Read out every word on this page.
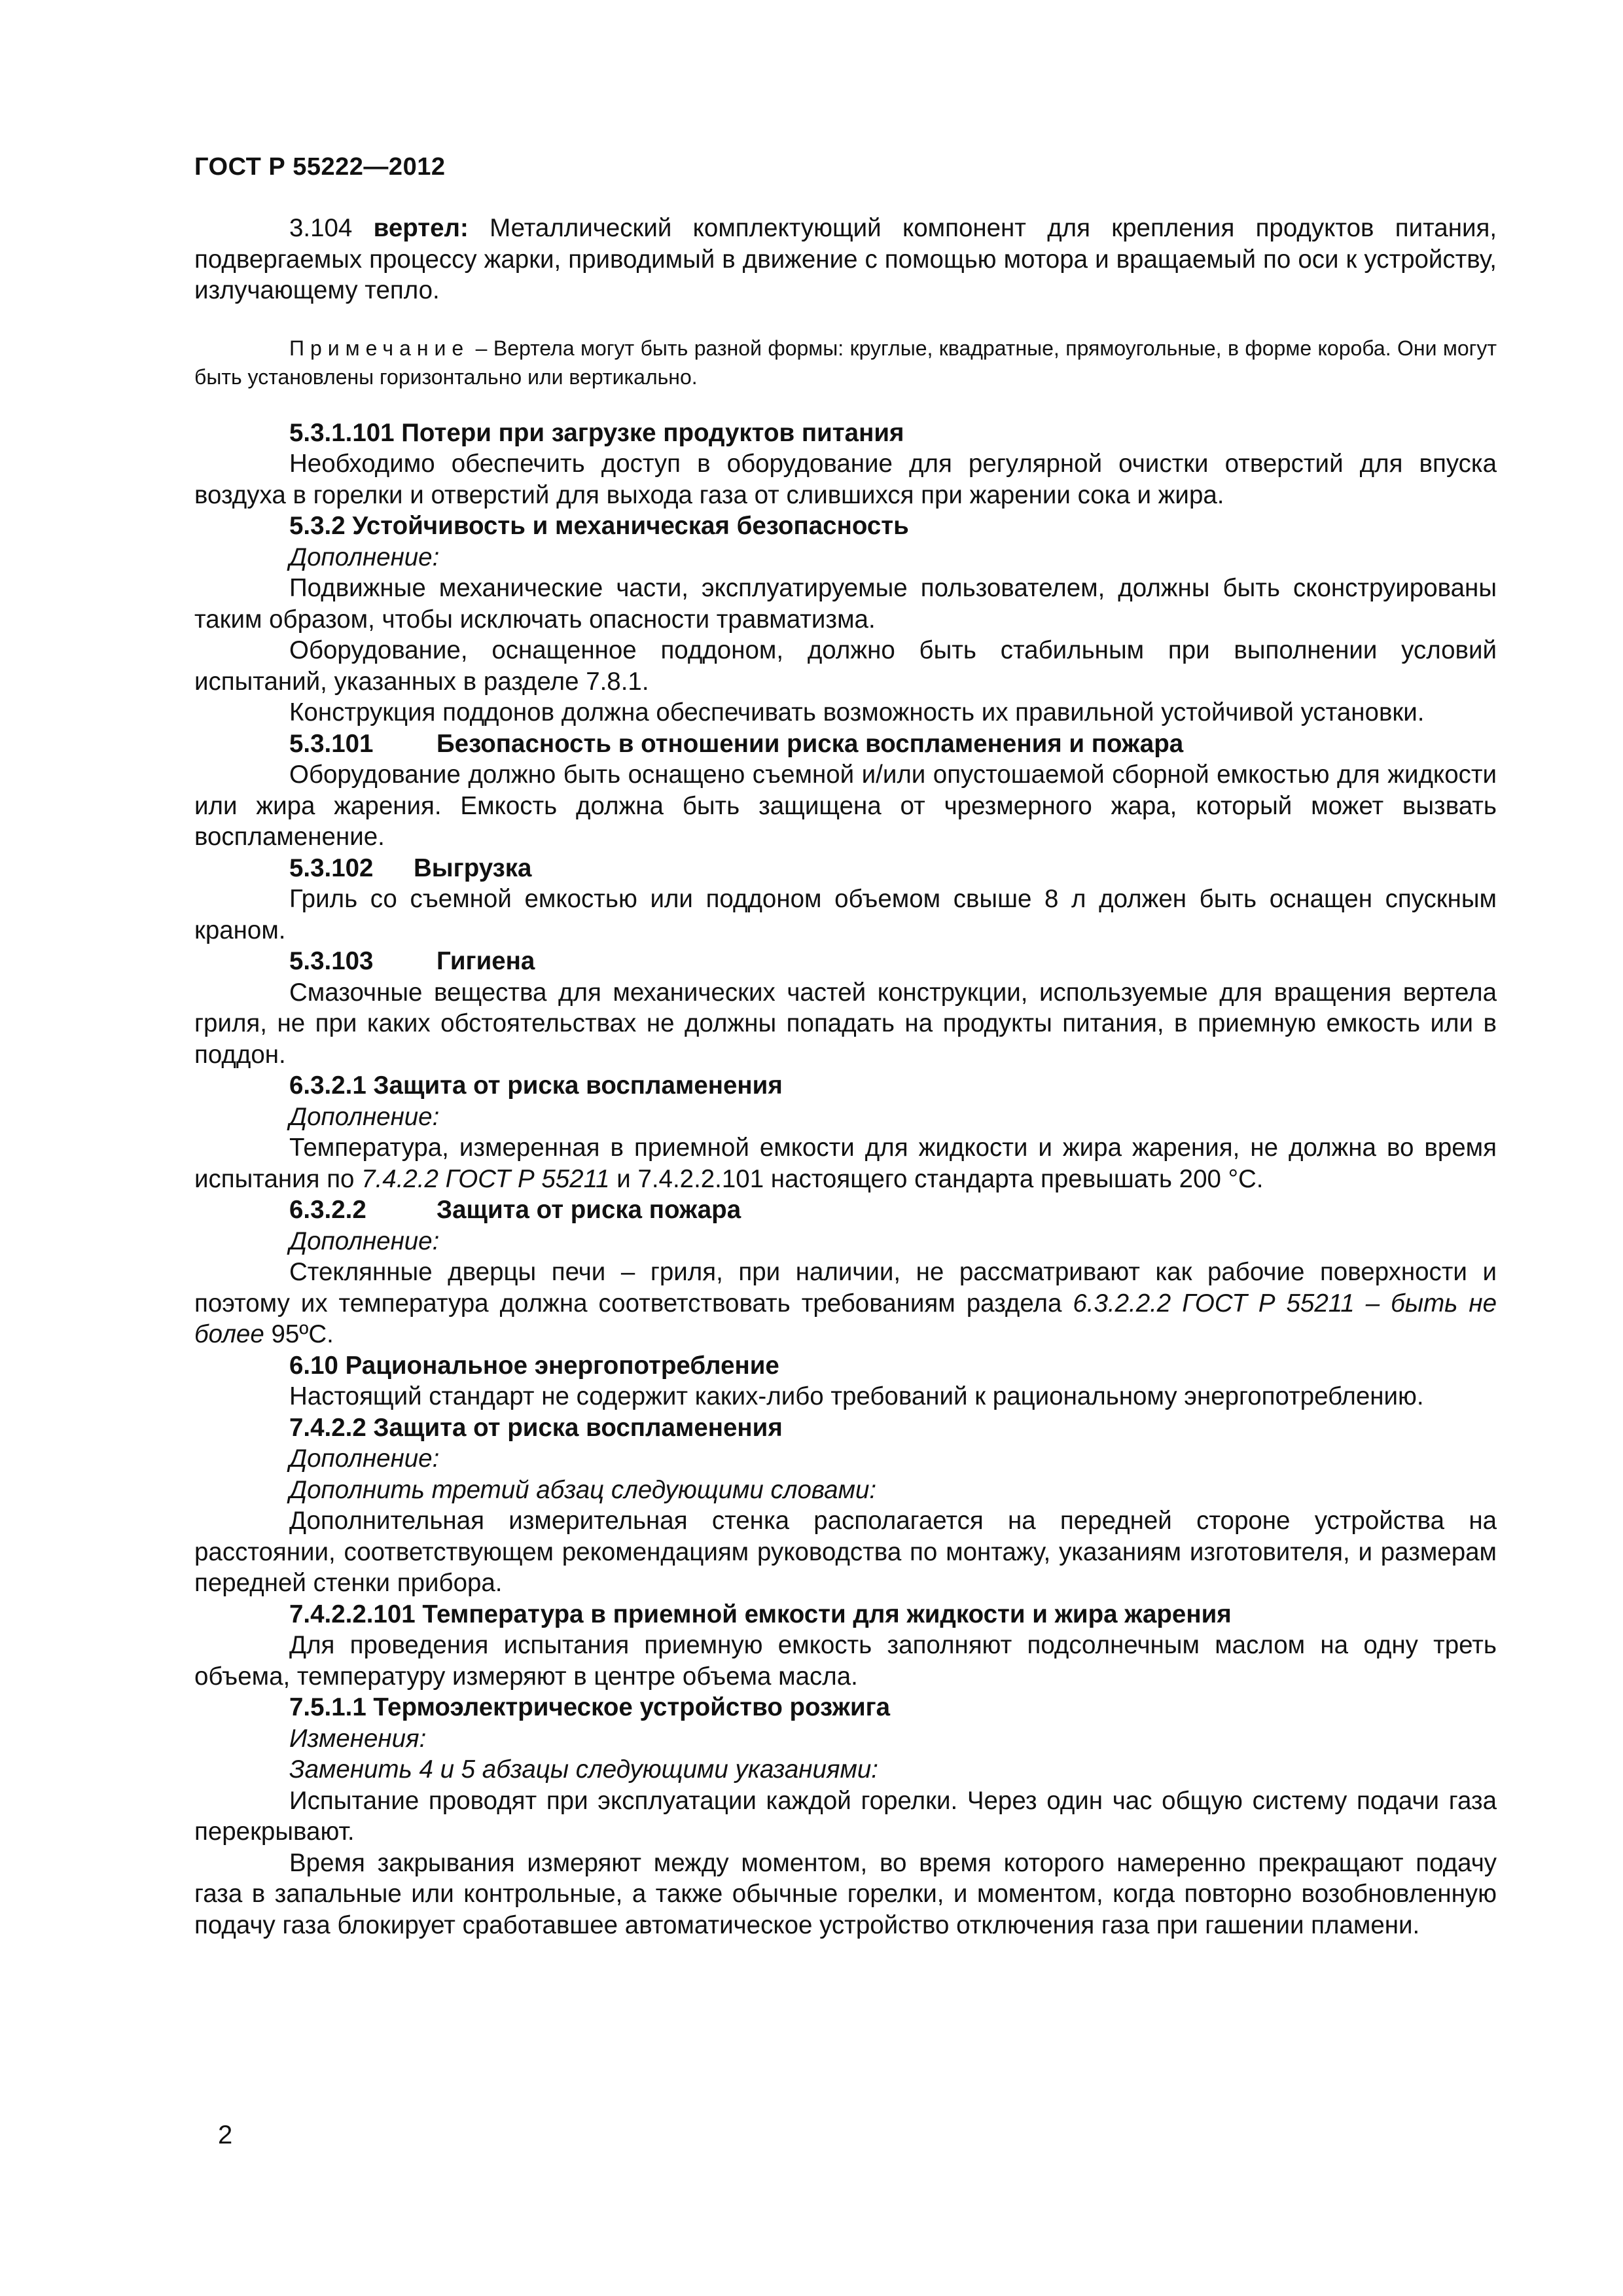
ГОСТ Р 55222—2012

3.104 вертел: Металлический комплектующий компонент для крепления продуктов питания, подвергаемых процессу жарки, приводимый в движение с помощью мотора и вращаемый по оси к устройству, излучающему тепло.

Примечание – Вертела могут быть разной формы: круглые, квадратные, прямоугольные, в форме короба. Они могут быть установлены горизонтально или вертикально.

5.3.1.101 Потери при загрузке продуктов питания

Необходимо обеспечить доступ в оборудование для регулярной очистки отверстий для впуска воздуха в горелки и отверстий для выхода газа от слившихся при жарении сока и жира.

5.3.2 Устойчивость и механическая безопасность

Дополнение:

Подвижные механические части, эксплуатируемые пользователем, должны быть сконструированы таким образом, чтобы исключать опасности травматизма.

Оборудование, оснащенное поддоном, должно быть стабильным при выполнении условий испытаний, указанных в разделе 7.8.1.

Конструкция поддонов должна обеспечивать возможность их правильной устойчивой установки.

5.3.101	Безопасность в отношении риска воспламенения и пожара

Оборудование должно быть оснащено съемной и/или опустошаемой сборной емкостью для жидкости или жира жарения. Емкость должна быть защищена от чрезмерного жара, который может вызвать воспламенение.

5.3.102 Выгрузка

Гриль со съемной емкостью или поддоном объемом свыше 8 л должен быть оснащен спускным краном.

5.3.103	Гигиена

Смазочные вещества для механических частей конструкции, используемые для вращения вертела гриля, не при каких обстоятельствах не должны попадать на продукты питания, в приемную емкость или в поддон.

6.3.2.1 Защита от риска воспламенения

Дополнение:

Температура, измеренная в приемной емкости для жидкости и жира жарения, не должна во время испытания по 7.4.2.2 ГОСТ Р 55211 и 7.4.2.2.101 настоящего стандарта превышать 200 °С.

6.3.2.2	Защита от риска пожара

Дополнение:

Стеклянные дверцы печи – гриля, при наличии, не рассматривают как рабочие поверхности и поэтому их температура должна соответствовать требованиям раздела 6.3.2.2.2 ГОСТ Р 55211 – быть не более 95ºС.

6.10 Рациональное энергопотребление

Настоящий стандарт не содержит каких-либо требований к рациональному энергопотреблению.

7.4.2.2 Защита от риска воспламенения

Дополнение:

Дополнить третий абзац следующими словами:

Дополнительная измерительная стенка располагается на передней стороне устройства на расстоянии, соответствующем рекомендациям руководства по монтажу, указаниям изготовителя, и размерам передней стенки прибора.

7.4.2.2.101 Температура в приемной емкости для жидкости и жира жарения

Для проведения испытания приемную емкость заполняют подсолнечным маслом на одну треть объема, температуру измеряют в центре объема масла.

7.5.1.1 Термоэлектрическое устройство розжига

Изменения:

Заменить 4 и 5 абзацы следующими указаниями:

Испытание проводят при эксплуатации каждой горелки. Через один час общую систему подачи газа перекрывают.

Время закрывания измеряют между моментом, во время которого намеренно прекращают подачу газа в запальные или контрольные, а также обычные горелки, и моментом, когда повторно возобновленную подачу газа блокирует сработавшее автоматическое устройство отключения газа при гашении пламени.

2
